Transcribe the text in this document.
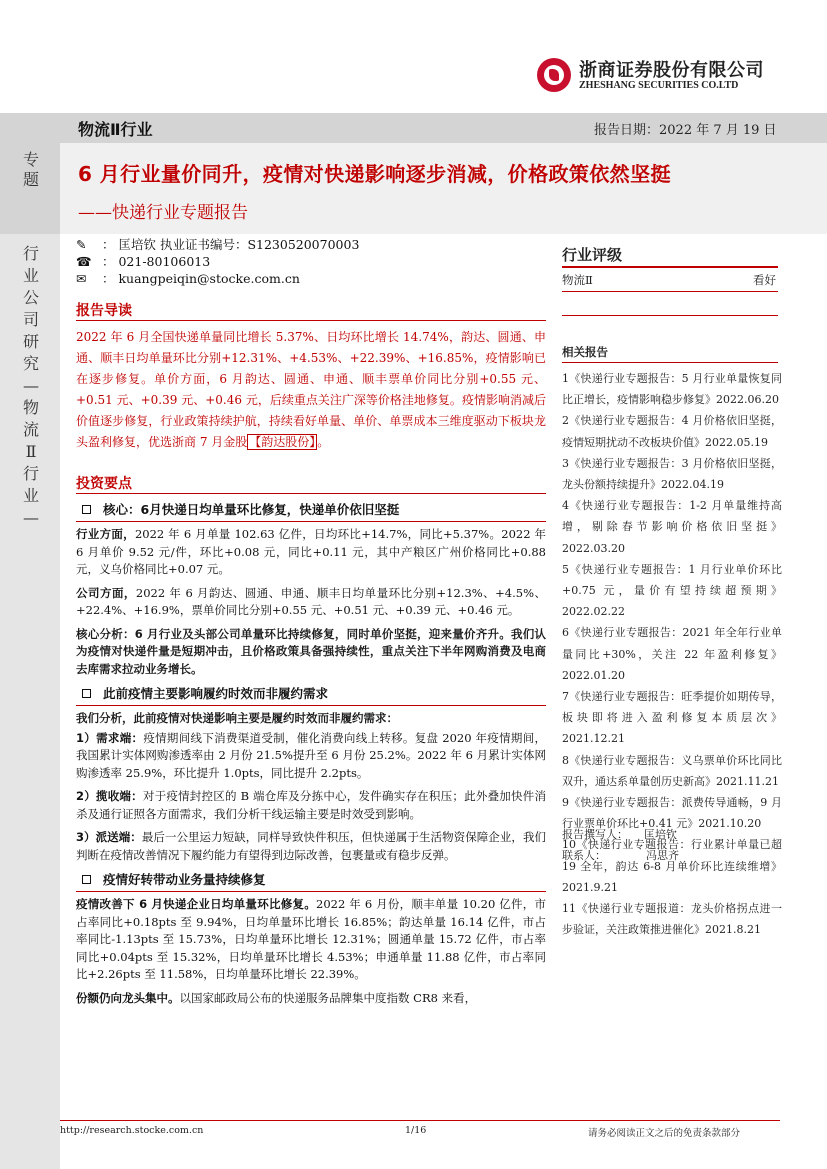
浙商证券股份有限公司
ZHESHANG SECURITIES CO.LTD
专
题
行
业
公
司
研
究
—
物
流
Ⅱ
行
业
—
物流Ⅱ行业	报告日期：2022 年 7 月 19 日
6 月行业量价同升，疫情对快递影响逐步消减，价格政策依然坚挺
——快递行业专题报告
✎ ： 匡培钦 执业证书编号：S1230520070003
☎ ： 021-80106013
✉ ： kuangpeiqin@stocke.com.cn
行业评级
物流Ⅱ	看好
相关报告
1《快递行业专题报告：5 月行业单量恢复同比正增长，疫情影响稳步修复》2022.06.20
2《快递行业专题报告：4 月价格依旧坚挺，疫情短期扰动不改板块价值》2022.05.19
3《快递行业专题报告：3 月价格依旧坚挺，龙头份额持续提升》2022.04.19
4《快递行业专题报告：1-2 月单量维持高增，剔除春节影响价格依旧坚挺》2022.03.20
5《快递行业专题报告：1 月行业单价环比+0.75 元，量价有望持续超预期》2022.02.22
6《快递行业专题报告：2021 年全年行业单量同比+30%，关注 22 年盈利修复》2022.01.20
7《快递行业专题报告：旺季提价如期传导，板块即将进入盈利修复本质层次》2021.12.21
8《快递行业专题报告：义乌票单价环比同比双升，通达系单量创历史新高》2021.11.21
9《快递行业专题报告：派费传导通畅，9 月行业票单价环比+0.41 元》2021.10.20
10《快递行业专题报告：行业累计单量已超 19 全年，韵达 6-8 月单价环比连续维增》2021.9.21
11《快递行业专题报道：龙头价格拐点进一步验证，关注政策推进催化》2021.8.21
报告撰写人： 匡培钦
联系人：	冯思齐
报告导读
2022 年 6 月全国快递单量同比增长 5.37%、日均环比增长 14.74%，韵达、圆通、申通、顺丰日均单量环比分别+12.31%、+4.53%、+22.39%、+16.85%，疫情影响已在逐步修复。单价方面，6 月韵达、圆通、申通、顺丰票单价同比分别+0.55 元、+0.51 元、+0.39 元、+0.46 元，后续重点关注广深等价格洼地修复。疫情影响消减后价值逐步修复，行业政策持续护航，持续看好单量、单价、单票成本三维度驱动下板块龙头盈利修复，优选浙商 7 月金股 【韵达股份】 。
投资要点
核心：6月快递日均单量环比修复，快递单价依旧坚挺
行业方面，2022 年 6 月单量 102.63 亿件，日均环比+14.7%，同比+5.37%。2022 年 6 月单价 9.52 元/件，环比+0.08 元，同比+0.11 元，其中产粮区广州价格同比+0.88 元，义乌价格同比+0.07 元。
公司方面，2022 年 6 月韵达、圆通、申通、顺丰日均单量环比分别+12.3%、+4.5%、+22.4%、+16.9%，票单价同比分别+0.55 元、+0.51 元、+0.39 元、+0.46 元。
核心分析：6 月行业及头部公司单量环比持续修复，同时单价坚挺，迎来量价齐升。我们认为疫情对快递件量是短期冲击，且价格政策具备强持续性，重点关注下半年网购消费及电商去库需求拉动业务增长。
此前疫情主要影响履约时效而非履约需求
我们分析，此前疫情对快递影响主要是履约时效而非履约需求：
1）需求端：疫情期间线下消费渠道受制，催化消费向线上转移。复盘 2020 年疫情期间，我国累计实体网购渗透率由 2 月份 21.5%提升至 6 月份 25.2%。2022 年 6 月累计实体网购渗透率 25.9%，环比提升 1.0pts，同比提升 2.2pts。
2）揽收端：对于疫情封控区的 B 端仓库及分拣中心，发件确实存在积压；此外叠加快件消杀及通行证照各方面需求，我们分析干线运输主要是时效受到影响。
3）派送端：最后一公里运力短缺，同样导致快件积压，但快递属于生活物资保障企业，我们判断在疫情改善情况下履约能力有望得到边际改善，包裹量或有稳步反弹。
疫情好转带动业务量持续修复
疫情改善下 6 月快递企业日均单量环比修复。2022 年 6 月份，顺丰单量 10.20 亿件，市占率同比+0.18pts 至 9.94%，日均单量环比增长 16.85%；韵达单量 16.14 亿件，市占率同比-1.13pts 至 15.73%，日均单量环比增长 12.31%；圆通单量 15.72 亿件，市占率同比+0.04pts 至 15.32%，日均单量环比增长 4.53%；申通单量 11.88 亿件，市占率同比+2.26pts 至 11.58%，日均单量环比增长 22.39%。
份额仍向龙头集中。以国家邮政局公布的快递服务品牌集中度指数 CR8 来看，
http://research.stocke.com.cn	1/16	请务必阅读正文之后的免责条款部分
